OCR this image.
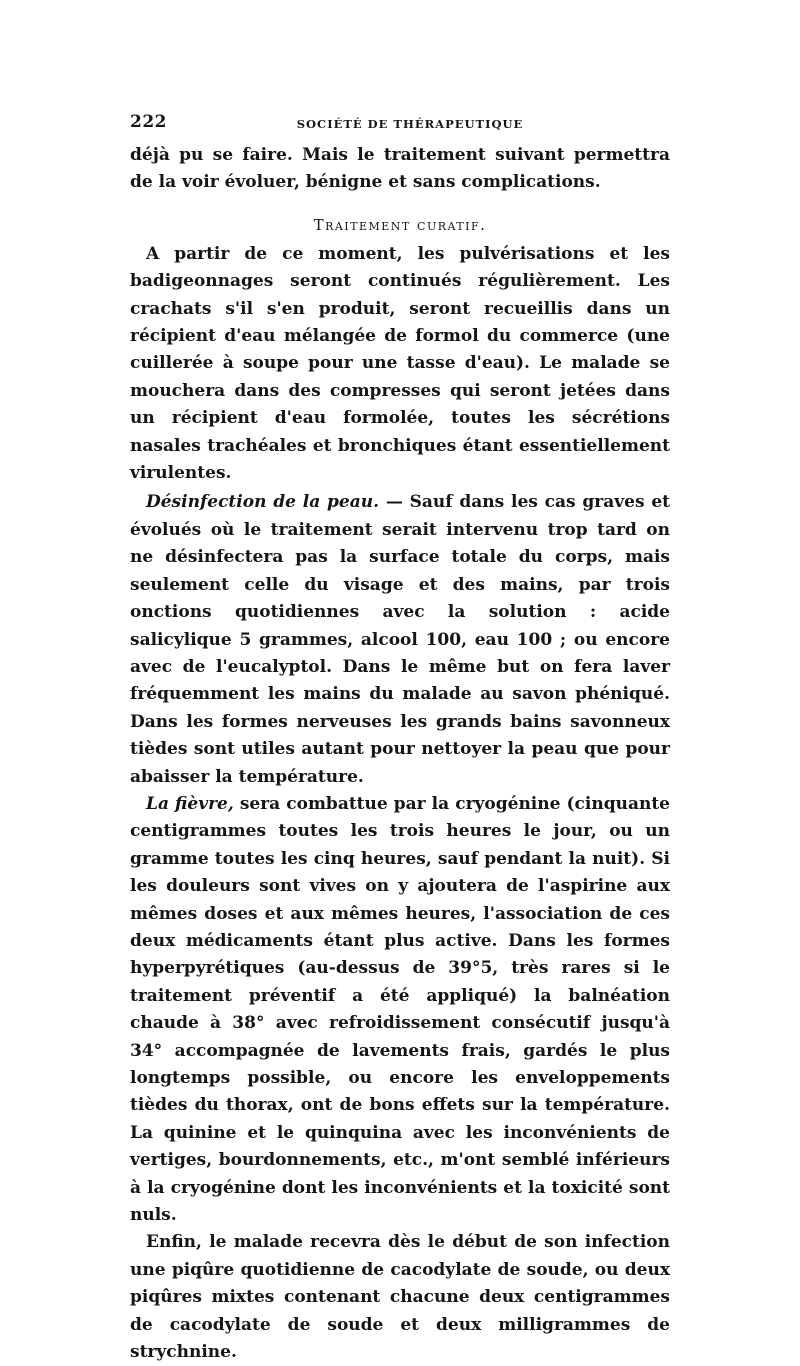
222	SOCIÉTÉ DE THÉRAPEUTIQUE

déjà pu se faire. Mais le traitement suivant permettra de la voir évoluer, bénigne et sans complications.

Traitement curatif.

A partir de ce moment, les pulvérisations et les badigeonnages seront continués régulièrement. Les crachats s'il s'en produit, seront recueillis dans un récipient d'eau mélangée de formol du commerce (une cuillerée à soupe pour une tasse d'eau). Le malade se mouchera dans des compresses qui seront jetées dans un récipient d'eau formolée, toutes les sécrétions nasales trachéales et bronchiques étant essentiellement virulentes.

Désinfection de la peau. — Sauf dans les cas graves et évolués où le traitement serait intervenu trop tard on ne désinfectera pas la surface totale du corps, mais seulement celle du visage et des mains, par trois onctions quotidiennes avec la solution : acide salicylique 5 grammes, alcool 100, eau 100 ; ou encore avec de l'eucalyptol. Dans le même but on fera laver fréquemment les mains du malade au savon phéniqué. Dans les formes nerveuses les grands bains savonneux tièdes sont utiles autant pour nettoyer la peau que pour abaisser la température.

La fièvre, sera combattue par la cryogénine (cinquante centigrammes toutes les trois heures le jour, ou un gramme toutes les cinq heures, sauf pendant la nuit). Si les douleurs sont vives on y ajoutera de l'aspirine aux mêmes doses et aux mêmes heures, l'association de ces deux médicaments étant plus active. Dans les formes hyperpyrétiques (au-dessus de 39°5, très rares si le traitement préventif a été appliqué) la balnéation chaude à 38° avec refroidissement consécutif jusqu'à 34° accompagnée de lavements frais, gardés le plus longtemps possible, ou encore les enveloppements tièdes du thorax, ont de bons effets sur la température. La quinine et le quinquina avec les inconvénients de vertiges, bourdonnements, etc., m'ont semblé inférieurs à la cryogénine dont les inconvénients et la toxicité sont nuls.

Enfin, le malade recevra dès le début de son infection une piqûre quotidienne de cacodylate de soude, ou deux piqûres mixtes contenant chacune deux centigrammes de cacodylate de soude et deux milligrammes de strychnine.
